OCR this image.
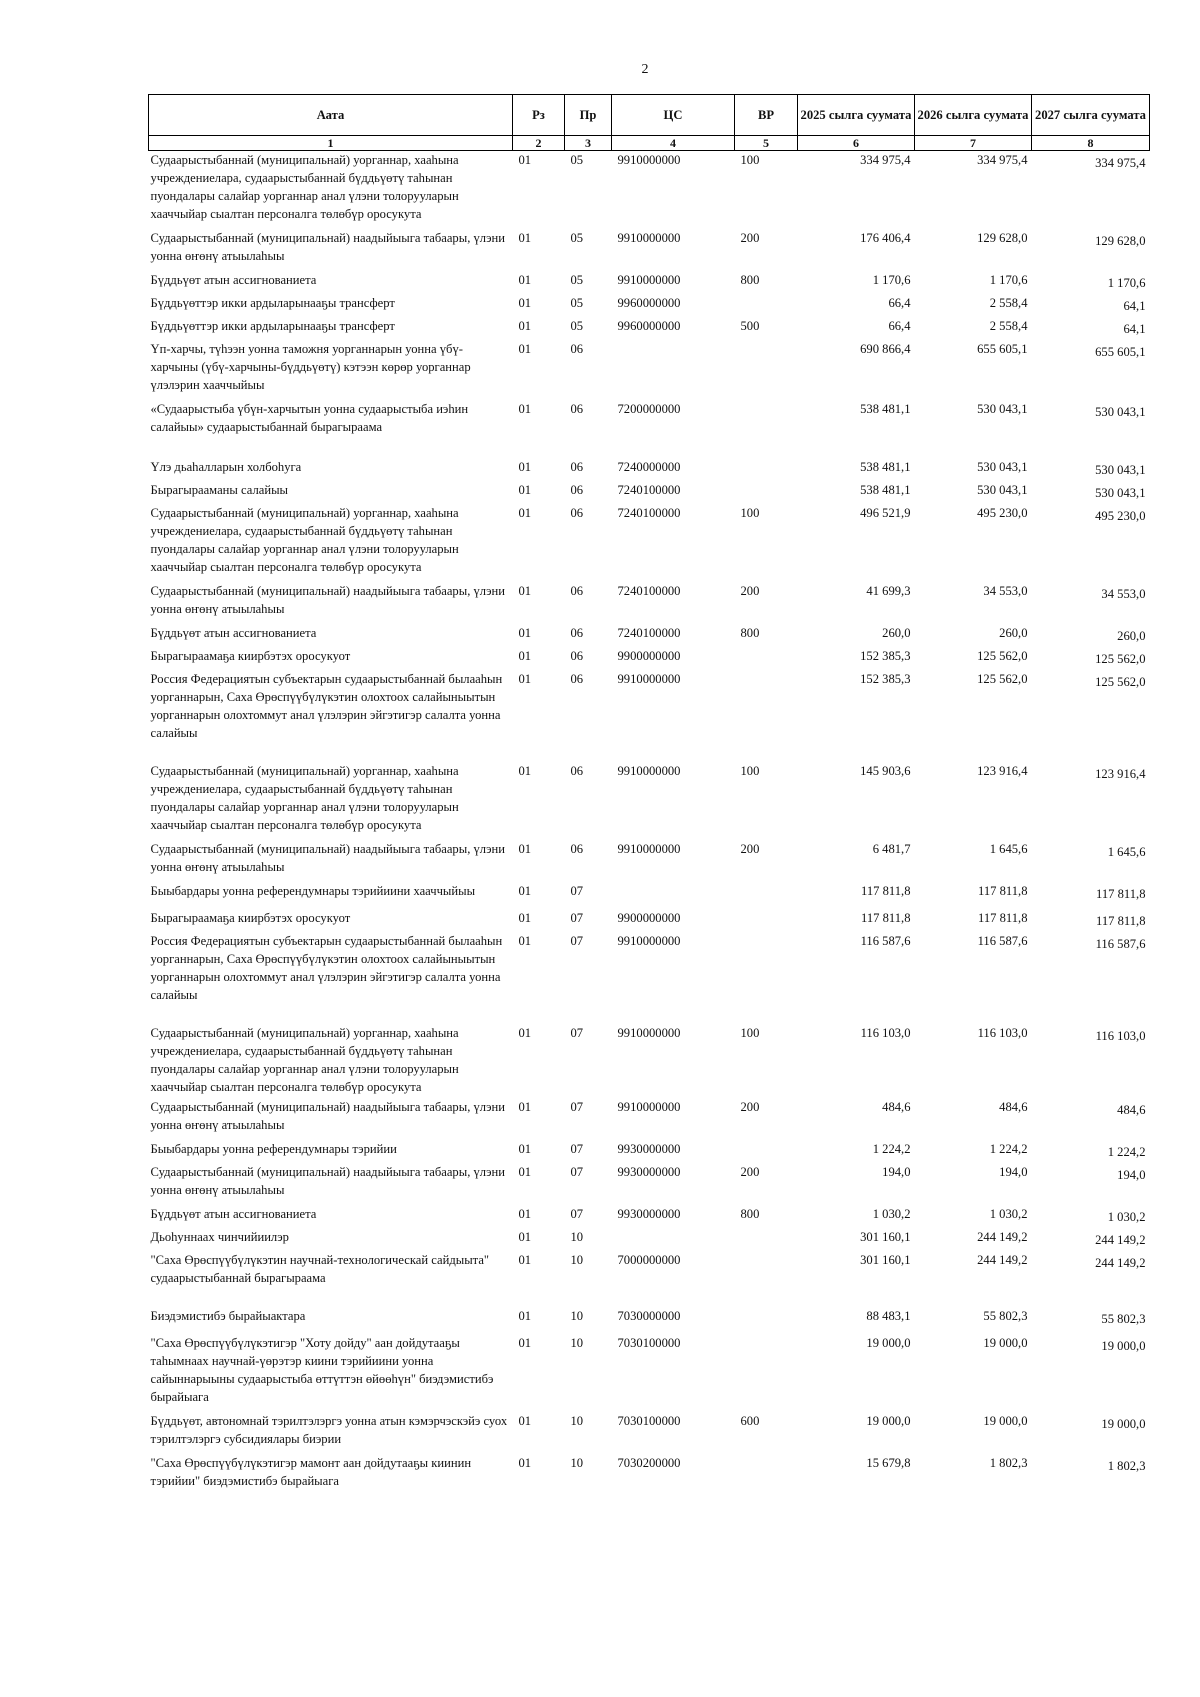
2
Аата	Рз	Пр	ЦС	ВР	2025 сылга суумата	2026 сылга суумата	2027 сылга суумата
1	2	3	4	5	6	7	8
Судаарыстыбаннай (муниципальнай) уорганнар, хааһына учреждениелара, судаарыстыбаннай бүддьүөтү таһынан пуондалары салайар уорганнар анал үлэни толорууларын хааччыйар сыалтан персоналга төлөбүр оросукута	01	05	9910000000	100	334 975,4	334 975,4	334 975,4
Судаарыстыбаннай (муниципальнай) наадыйыыга табаары, үлэни уонна өҥөнү атыылаһыы	01	05	9910000000	200	176 406,4	129 628,0	129 628,0
Бүддьүөт атын ассигнованиета	01	05	9910000000	800	1 170,6	1 170,6	1 170,6
Бүддьүөттэр икки ардыларынааҕы трансферт	01	05	9960000000		66,4	2 558,4	64,1
Бүддьүөттэр икки ардыларынааҕы трансферт	01	05	9960000000	500	66,4	2 558,4	64,1
Үп-харчы, түһээн уонна таможня уорганнарын уонна үбү-харчыны (үбү-харчыны-бүддьүөтү) кэтээн көрөр уорганнар үлэлэрин хааччыйыы	01	06			690 866,4	655 605,1	655 605,1
«Судаарыстыба үбүн-харчытын уонна судаарыстыба иэһин салайыы» судаарыстыбаннай бырагыраама	01	06	7200000000		538 481,1	530 043,1	530 043,1
Үлэ дьаһалларын холбоһуга	01	06	7240000000		538 481,1	530 043,1	530 043,1
Бырагырааманы салайыы	01	06	7240100000		538 481,1	530 043,1	530 043,1
Судаарыстыбаннай (муниципальнай) уорганнар, хааһына учреждениелара, судаарыстыбаннай бүддьүөтү таһынан пуондалары салайар уорганнар анал үлэни толорууларын хааччыйар сыалтан персоналга төлөбүр оросукута	01	06	7240100000	100	496 521,9	495 230,0	495 230,0
Судаарыстыбаннай (муниципальнай) наадыйыыга табаары, үлэни уонна өҥөнү атыылаһыы	01	06	7240100000	200	41 699,3	34 553,0	34 553,0
Бүддьүөт атын ассигнованиета	01	06	7240100000	800	260,0	260,0	260,0
Бырагыраамаҕа киирбэтэх оросукуот	01	06	9900000000		152 385,3	125 562,0	125 562,0
Россия Федерациятын субъектарын судаарыстыбаннай былааһын уорганнарын, Саха Өрөспүүбүлүкэтин олохтоох салайыныытын уорганнарын олохтоммут анал үлэлэрин эйгэтигэр салалта уонна салайыы	01	06	9910000000		152 385,3	125 562,0	125 562,0
Судаарыстыбаннай (муниципальнай) уорганнар, хааһына учреждениелара, судаарыстыбаннай бүддьүөтү таһынан пуондалары салайар уорганнар анал үлэни толорууларын хааччыйар сыалтан персоналга төлөбүр оросукута	01	06	9910000000	100	145 903,6	123 916,4	123 916,4
Судаарыстыбаннай (муниципальнай) наадыйыыга табаары, үлэни уонна өҥөнү атыылаһыы	01	06	9910000000	200	6 481,7	1 645,6	1 645,6
Быыбардары уонна референдумнары тэрийиини хааччыйыы	01	07			117 811,8	117 811,8	117 811,8
Бырагыраамаҕа киирбэтэх оросукуот	01	07	9900000000		117 811,8	117 811,8	117 811,8
Россия Федерациятын субъектарын судаарыстыбаннай былааһын уорганнарын, Саха Өрөспүүбүлүкэтин олохтоох салайыныытын уорганнарын олохтоммут анал үлэлэрин эйгэтигэр салалта уонна салайыы	01	07	9910000000		116 587,6	116 587,6	116 587,6
Судаарыстыбаннай (муниципальнай) уорганнар, хааһына учреждениелара, судаарыстыбаннай бүддьүөтү таһынан пуондалары салайар уорганнар анал үлэни толорууларын хааччыйар сыалтан персоналга төлөбүр оросукута	01	07	9910000000	100	116 103,0	116 103,0	116 103,0
Судаарыстыбаннай (муниципальнай) наадыйыыга табаары, үлэни уонна өҥөнү атыылаһыы	01	07	9910000000	200	484,6	484,6	484,6
Быыбардары уонна референдумнары тэрийии	01	07	9930000000		1 224,2	1 224,2	1 224,2
Судаарыстыбаннай (муниципальнай) наадыйыыга табаары, үлэни уонна өҥөнү атыылаһыы	01	07	9930000000	200	194,0	194,0	194,0
Бүддьүөт атын ассигнованиета	01	07	9930000000	800	1 030,2	1 030,2	1 030,2
Дьоһуннаах чинчийиилэр	01	10			301 160,1	244 149,2	244 149,2
"Саха Өрөспүүбүлүкэтин научнай-технологическай сайдыыта" судаарыстыбаннай бырагыраама	01	10	7000000000		301 160,1	244 149,2	244 149,2
Биэдэмистибэ бырайыактара	01	10	7030000000		88 483,1	55 802,3	55 802,3
"Саха Өрөспүүбүлүкэтигэр "Хоту дойду" аан дойдутааҕы таһымнаах научнай-үөрэтэр киини тэрийиини уонна сайыннарыыны судаарыстыба өттүттэн өйөөһүн" биэдэмистибэ бырайыага	01	10	7030100000		19 000,0	19 000,0	19 000,0
Бүддьүөт, автономнай тэрилтэлэргэ уонна атын кэмэрчэскэйэ суох тэрилтэлэргэ субсидиялары биэрии	01	10	7030100000	600	19 000,0	19 000,0	19 000,0
"Саха Өрөспүүбүлүкэтигэр мамонт аан дойдутааҕы киинин тэрийии" биэдэмистибэ бырайыага	01	10	7030200000		15 679,8	1 802,3	1 802,3
